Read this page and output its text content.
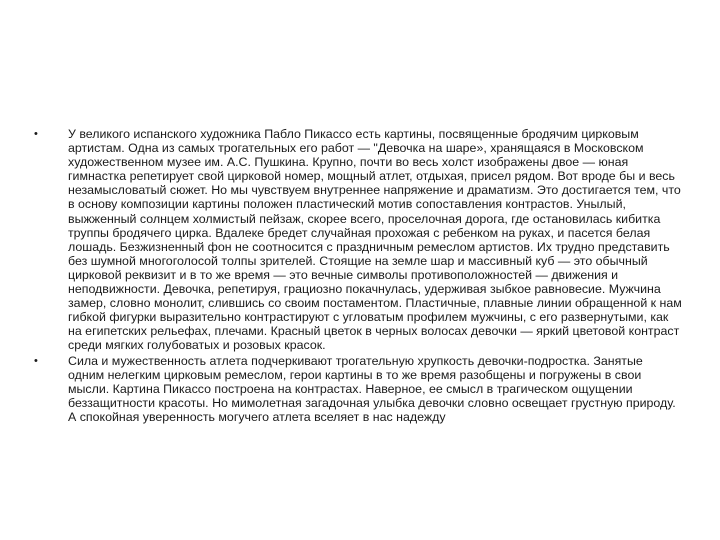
• У великого испанского художника Пабло Пикассо есть картины, посвященные бродячим цирковым артистам. Одна из самых трогательных его работ — "Девочка на шаре», хранящаяся в Московском художественном музее им. А.С. Пушкина. Крупно, почти во весь холст изображены двое — юная гимнастка репетирует свой цирковой номер, мощный атлет, отдыхая, присел рядом. Вот вроде бы и весь незамысловатый сюжет. Но мы чувствуем внутреннее напряжение и драматизм. Это достигается тем, что в основу композиции картины положен пластический мотив сопоставления контрастов. Унылый, выжженный солнцем холмистый пейзаж, скорее всего, проселочная дорога, где остановилась кибитка труппы бродячего цирка. Вдалеке бредет случайная прохожая с ребенком на руках, и пасется белая лошадь. Безжизненный фон не соотносится с праздничным ремеслом артистов. Их трудно представить без шумной многоголосой толпы зрителей. Стоящие на земле шар и массивный куб — это обычный цирковой реквизит и в то же время — это вечные символы противоположностей — движения и неподвижности. Девочка, репетируя, грациозно покачнулась, удерживая зыбкое равновесие. Мужчина замер, словно монолит, слившись со своим постаментом. Пластичные, плавные линии обращенной к нам гибкой фигурки выразительно контрастируют с угловатым профилем мужчины, с его развернутыми, как на египетских рельефах, плечами. Красный цветок в черных волосах девочки — яркий цветовой контраст среди мягких голубоватых и розовых красок.
• Сила и мужественность атлета подчеркивают трогательную хрупкость девочки-подростка. Занятые одним нелегким цирковым ремеслом, герои картины в то же время разобщены и погружены в свои мысли. Картина Пикассо построена на контрастах. Наверное, ее смысл в трагическом ощущении беззащитности красоты. Но мимолетная загадочная улыбка девочки словно освещает грустную природу. А спокойная уверенность могучего атлета вселяет в нас надежду
